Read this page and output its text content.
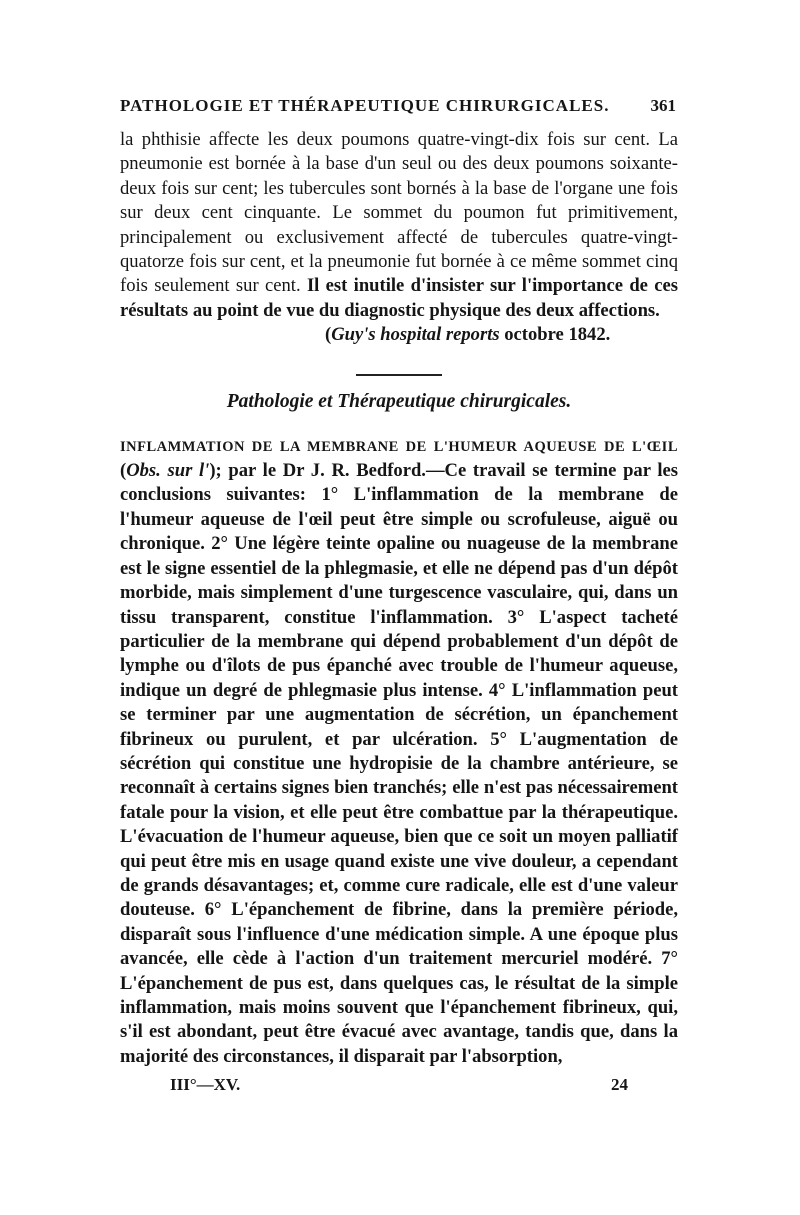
PATHOLOGIE ET THÉRAPEUTIQUE CHIRURGICALES. 361

la phthisie affecte les deux poumons quatre-vingt-dix fois sur cent. La pneumonie est bornée à la base d'un seul ou des deux poumons soixante-deux fois sur cent; les tubercules sont bornés à la base de l'organe une fois sur deux cent cinquante. Le sommet du poumon fut primitivement, principalement ou exclusivement affecté de tubercules quatre-vingt-quatorze fois sur cent, et la pneumonie fut bornée à ce même sommet cinq fois seulement sur cent. Il est inutile d'insister sur l'importance de ces résultats au point de vue du diagnostic physique des deux affections.

(Guy's hospital reports octobre 1842.

Pathologie et Thérapeutique chirurgicales.

INFLAMMATION DE LA MEMBRANE DE L'HUMEUR AQUEUSE DE L'ŒIL (Obs. sur l'); par le Dr J. R. Bedford.—Ce travail se termine par les conclusions suivantes: 1° L'inflammation de la membrane de l'humeur aqueuse de l'œil peut être simple ou scrofuleuse, aiguë ou chronique. 2° Une légère teinte opaline ou nuageuse de la membrane est le signe essentiel de la phlegmasie, et elle ne dépend pas d'un dépôt morbide, mais simplement d'une turgescence vasculaire, qui, dans un tissu transparent, constitue l'inflammation. 3° L'aspect tacheté particulier de la membrane qui dépend probablement d'un dépôt de lymphe ou d'îlots de pus épanché avec trouble de l'humeur aqueuse, indique un degré de phlegmasie plus intense. 4° L'inflammation peut se terminer par une augmentation de sécrétion, un épanchement fibrineux ou purulent, et par ulcération. 5° L'augmentation de sécrétion qui constitue une hydropisie de la chambre antérieure, se reconnaît à certains signes bien tranchés; elle n'est pas nécessairement fatale pour la vision, et elle peut être combattue par la thérapeutique. L'évacuation de l'humeur aqueuse, bien que ce soit un moyen palliatif qui peut être mis en usage quand existe une vive douleur, a cependant de grands désavantages; et, comme cure radicale, elle est d'une valeur douteuse. 6° L'épanchement de fibrine, dans la première période, disparaît sous l'influence d'une médication simple. A une époque plus avancée, elle cède à l'action d'un traitement mercuriel modéré. 7° L'épanchement de pus est, dans quelques cas, le résultat de la simple inflammation, mais moins souvent que l'épanchement fibrineux, qui, s'il est abondant, peut être évacué avec avantage, tandis que, dans la majorité des circonstances, il disparait par l'absorption,

III°—XV.	24
